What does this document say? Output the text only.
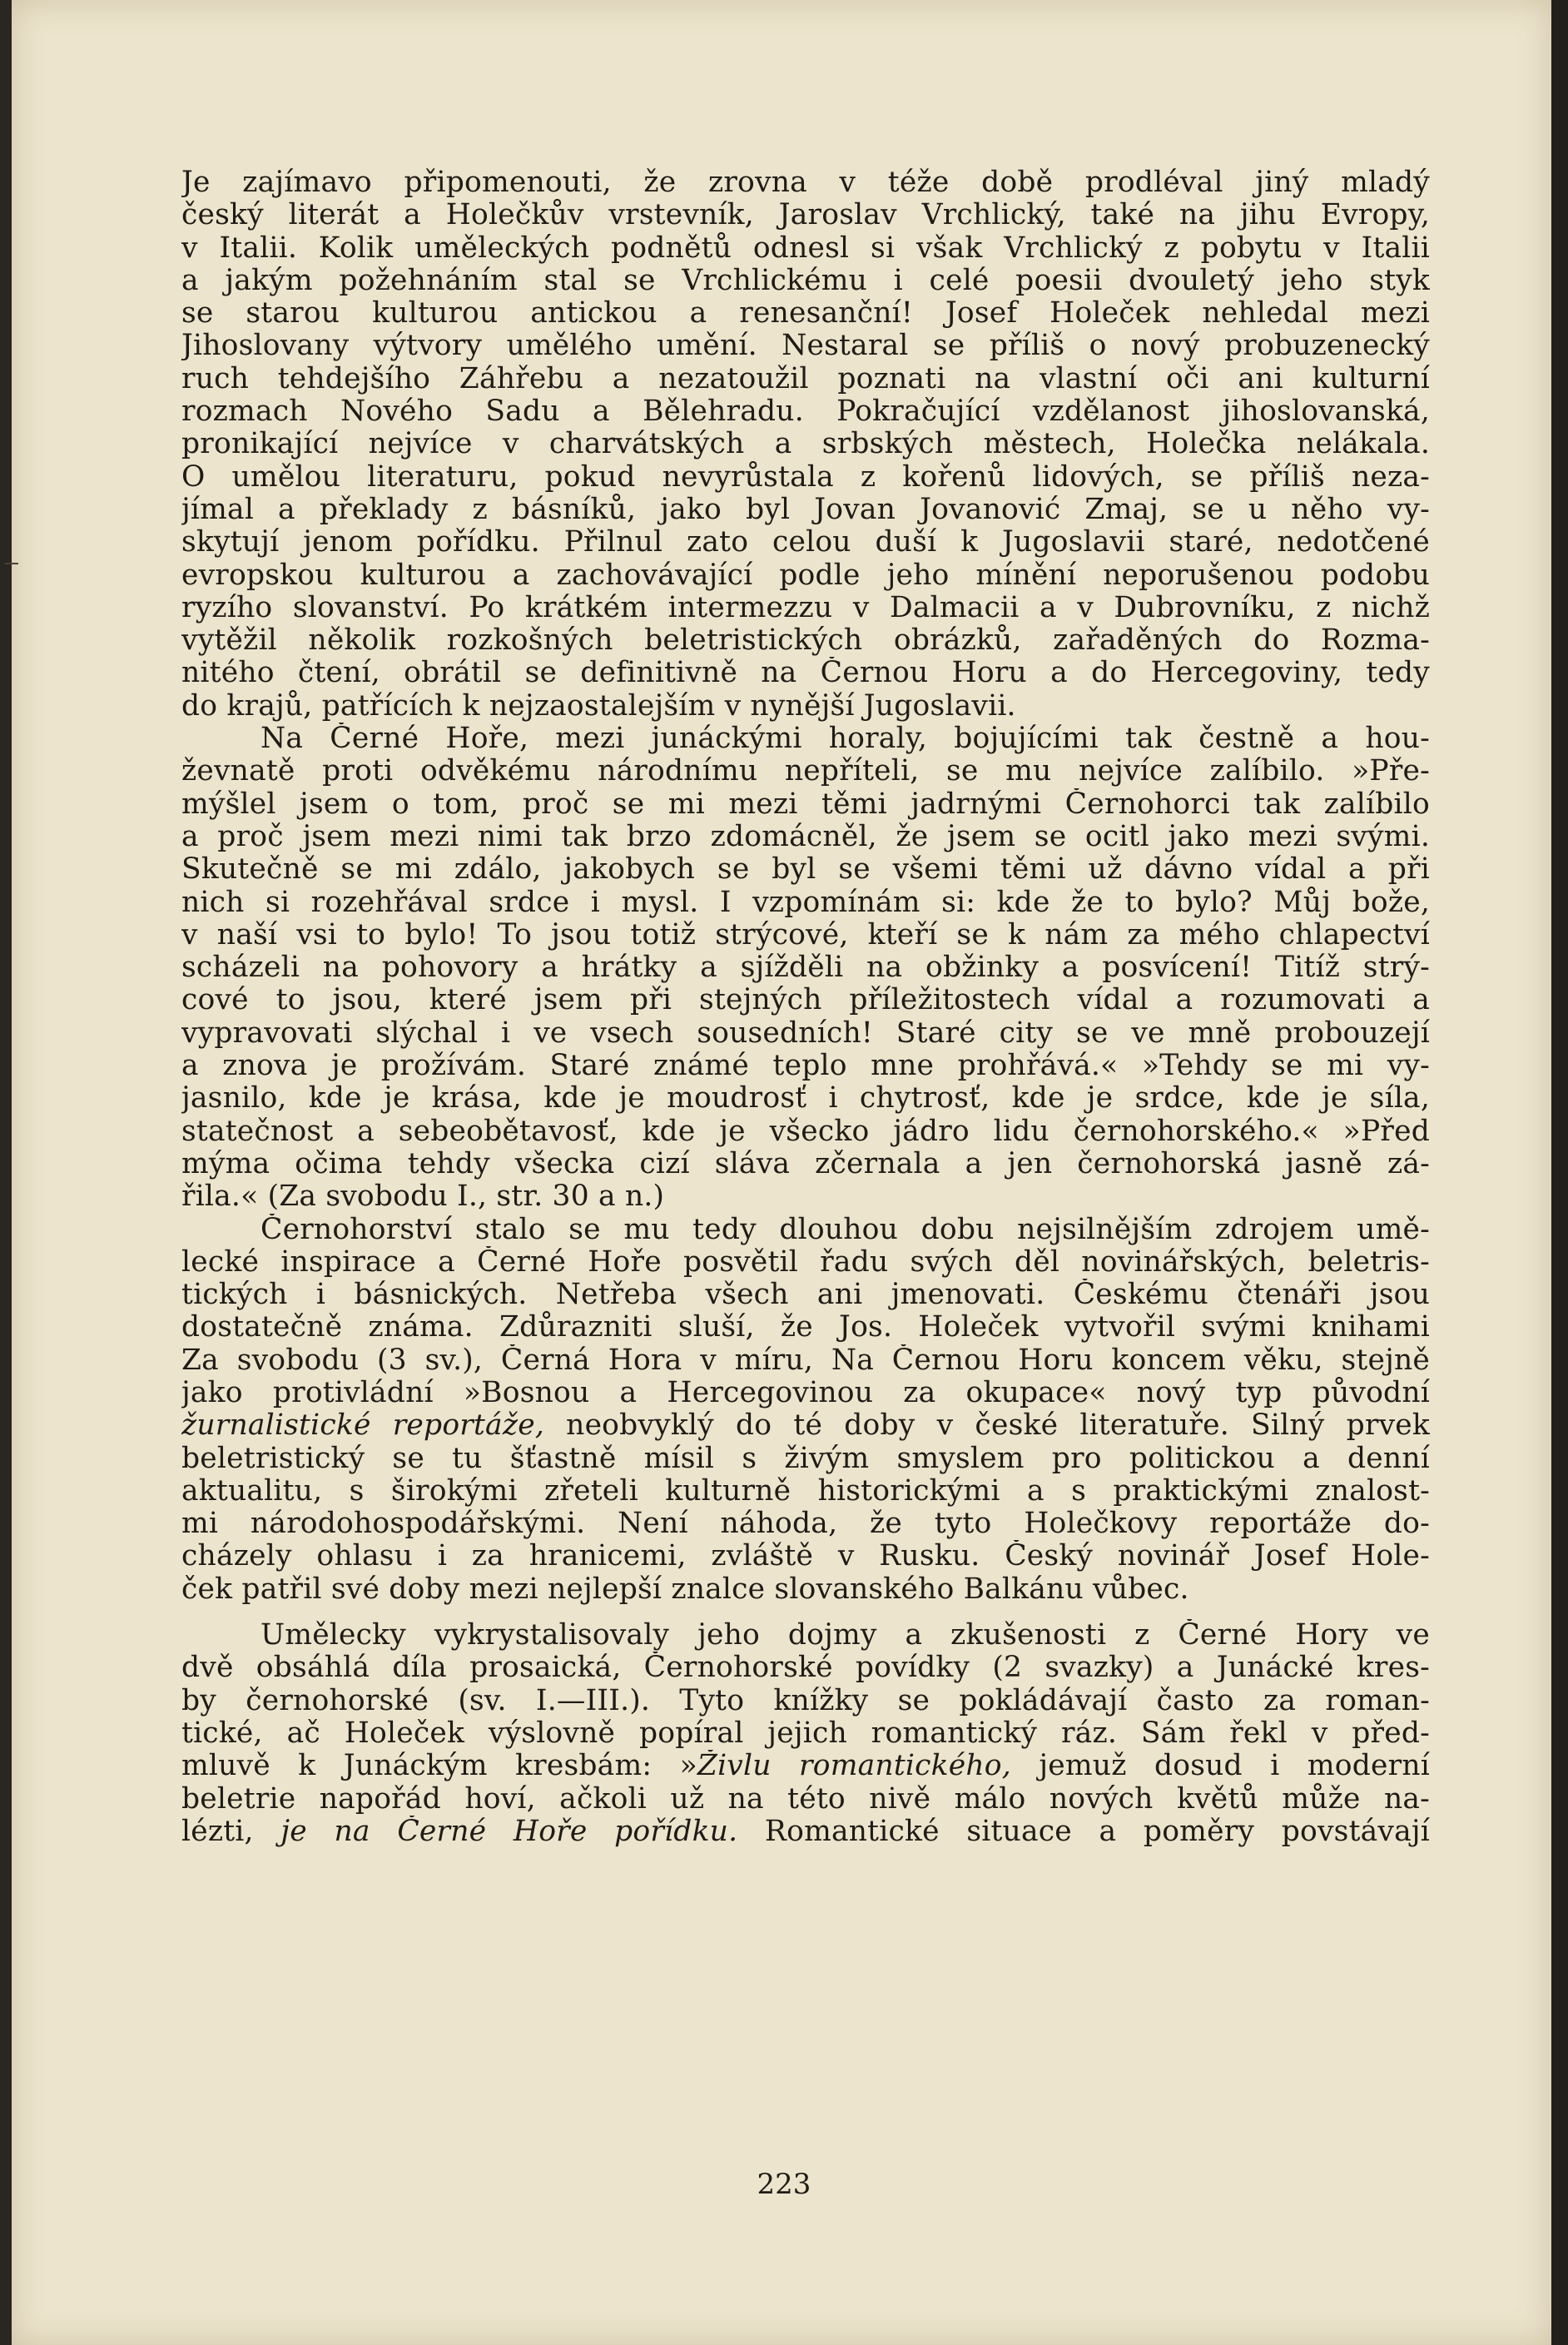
Je zajímavo připomenouti, že zrovna v téže době prodléval jiný mladý
český literát a Holečkův vrstevník, Jaroslav Vrchlický, také na jihu Evropy,
v Italii. Kolik uměleckých podnětů odnesl si však Vrchlický z pobytu v Italii
a jakým požehnáním stal se Vrchlickému i celé poesii dvouletý jeho styk
se starou kulturou antickou a renesanční! Josef Holeček nehledal mezi
Jihoslovany výtvory umělého umění. Nestaral se příliš o nový probuzenecký
ruch tehdejšího Záhřebu a nezatoužil poznati na vlastní oči ani kulturní
rozmach Nového Sadu a Bělehradu. Pokračující vzdělanost jihoslovanská,
pronikající nejvíce v charvátských a srbských městech, Holečka nelákala.
O umělou literaturu, pokud nevyrůstala z kořenů lidových, se příliš neza-
jímal a překlady z básníků, jako byl Jovan Jovanović Zmaj, se u něho vy-
skytují jenom pořídku. Přilnul zato celou duší k Jugoslavii staré, nedotčené
evropskou kulturou a zachovávající podle jeho mínění neporušenou podobu
ryzího slovanství. Po krátkém intermezzu v Dalmacii a v Dubrovníku, z nichž
vytěžil několik rozkošných beletristických obrázků, zařaděných do Rozma-
nitého čtení, obrátil se definitivně na Černou Horu a do Hercegoviny, tedy
do krajů, patřících k nejzaostalejším v nynější Jugoslavii.
Na Černé Hoře, mezi junáckými horaly, bojujícími tak čestně a hou-
ževnatě proti odvěkému národnímu nepříteli, se mu nejvíce zalíbilo. »Pře-
mýšlel jsem o tom, proč se mi mezi těmi jadrnými Černohorci tak zalíbilo
a proč jsem mezi nimi tak brzo zdomácněl, že jsem se ocitl jako mezi svými.
Skutečně se mi zdálo, jakobych se byl se všemi těmi už dávno vídal a při
nich si rozehřával srdce i mysl. I vzpomínám si: kde že to bylo? Můj bože,
v naší vsi to bylo! To jsou totiž strýcové, kteří se k nám za mého chlapectví
scházeli na pohovory a hrátky a sjížděli na obžinky a posvícení! Titíž strý-
cové to jsou, které jsem při stejných příležitostech vídal a rozumovati a
vypravovati slýchal i ve vsech sousedních! Staré city se ve mně probouzejí
a znova je prožívám. Staré známé teplo mne prohřává.« »Tehdy se mi vy-
jasnilo, kde je krása, kde je moudrosť i chytrosť, kde je srdce, kde je síla,
statečnost a sebeobětavosť, kde je všecko jádro lidu černohorského.« »Před
mýma očima tehdy všecka cizí sláva zčernala a jen černohorská jasně zá-
řila.« (Za svobodu I., str. 30 a n.)
Černohorství stalo se mu tedy dlouhou dobu nejsilnějším zdrojem umě-
lecké inspirace a Černé Hoře posvětil řadu svých děl novinářských, beletris-
tických i básnických. Netřeba všech ani jmenovati. Českému čtenáři jsou
dostatečně známa. Zdůrazniti sluší, že Jos. Holeček vytvořil svými knihami
Za svobodu (3 sv.), Černá Hora v míru, Na Černou Horu koncem věku, stejně
jako protivládní »Bosnou a Hercegovinou za okupace« nový typ původní
žurnalistické reportáže, neobvyklý do té doby v české literatuře. Silný prvek
beletristický se tu šťastně mísil s živým smyslem pro politickou a denní
aktualitu, s širokými zřeteli kulturně historickými a s praktickými znalost-
mi národohospodářskými. Není náhoda, že tyto Holečkovy reportáže do-
cházely ohlasu i za hranicemi, zvláště v Rusku. Český novinář Josef Hole-
ček patřil své doby mezi nejlepší znalce slovanského Balkánu vůbec.
Umělecky vykrystalisovaly jeho dojmy a zkušenosti z Černé Hory ve
dvě obsáhlá díla prosaická, Černohorské povídky (2 svazky) a Junácké kres-
by černohorské (sv. I.—III.). Tyto knížky se pokládávají často za roman-
tické, ač Holeček výslovně popíral jejich romantický ráz. Sám řekl v před-
mluvě k Junáckým kresbám: »Živlu romantického, jemuž dosud i moderní
beletrie napořád hoví, ačkoli už na této nivě málo nových květů může na-
lézti, je na Černé Hoře pořídku. Romantické situace a poměry povstávají
223
